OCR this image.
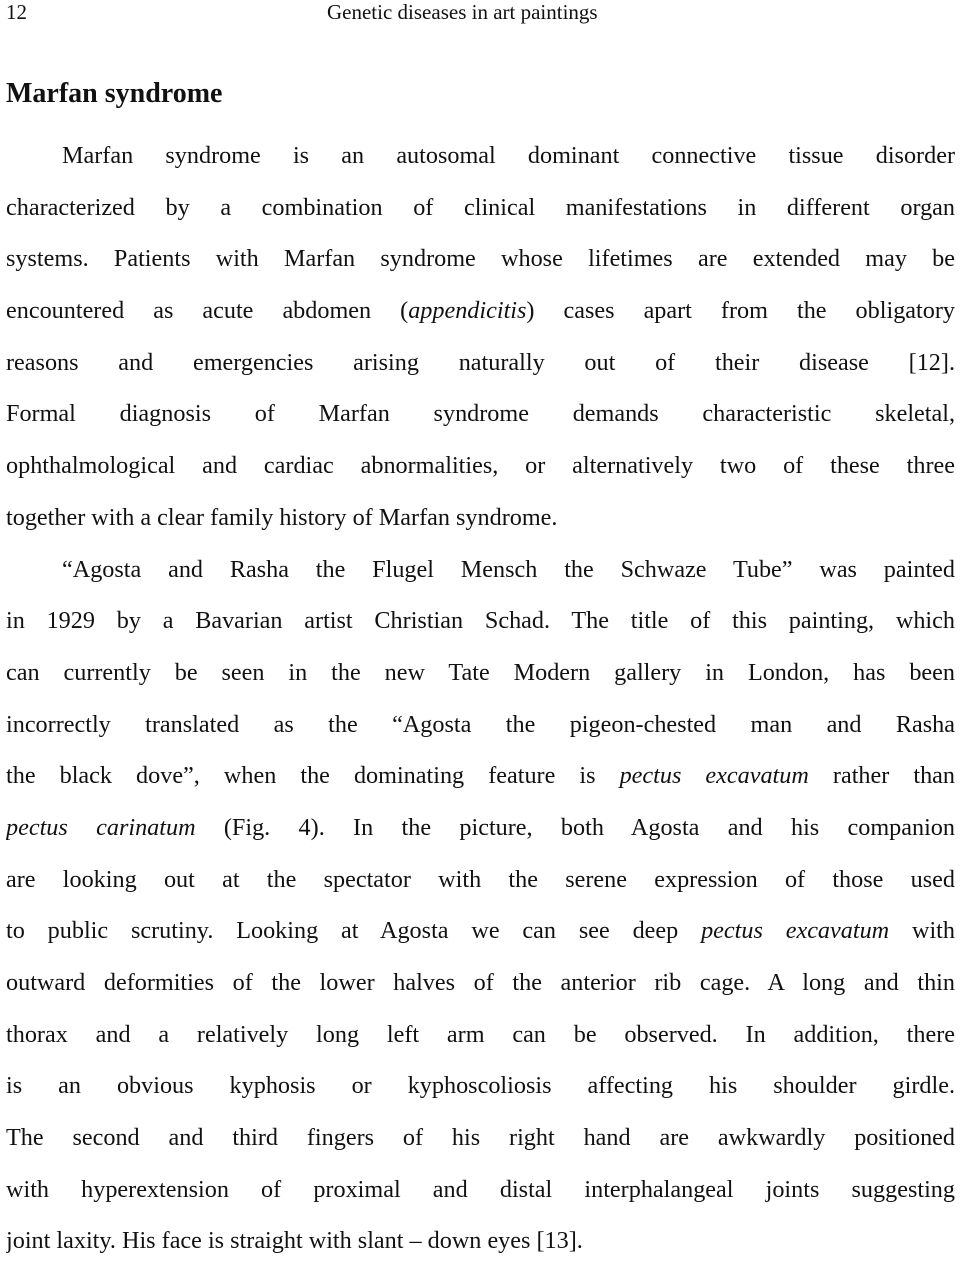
12	Genetic diseases in art paintings
Marfan syndrome
Marfan syndrome is an autosomal dominant connective tissue disorder
characterized by a combination of clinical manifestations in different organ
systems. Patients with Marfan syndrome whose lifetimes are extended may be
encountered as acute abdomen (appendicitis) cases apart from the obligatory
reasons and emergencies arising naturally out of their disease [12].
Formal diagnosis of Marfan syndrome demands characteristic skeletal,
ophthalmological and cardiac abnormalities, or alternatively two of these three
together with a clear family history of Marfan syndrome.
“Agosta and Rasha the Flugel Mensch the Schwaze Tube” was painted
in 1929 by a Bavarian artist Christian Schad. The title of this painting, which
can currently be seen in the new Tate Modern gallery in London, has been
incorrectly translated as the “Agosta the pigeon-chested man and Rasha
the black dove”, when the dominating feature is pectus excavatum rather than
pectus carinatum (Fig. 4). In the picture, both Agosta and his companion
are looking out at the spectator with the serene expression of those used
to public scrutiny. Looking at Agosta we can see deep pectus excavatum with
outward deformities of the lower halves of the anterior rib cage. A long and thin
thorax and a relatively long left arm can be observed. In addition, there
is an obvious kyphosis or kyphoscoliosis affecting his shoulder girdle.
The second and third fingers of his right hand are awkwardly positioned
with hyperextension of proximal and distal interphalangeal joints suggesting
joint laxity. His face is straight with slant – down eyes [13].
